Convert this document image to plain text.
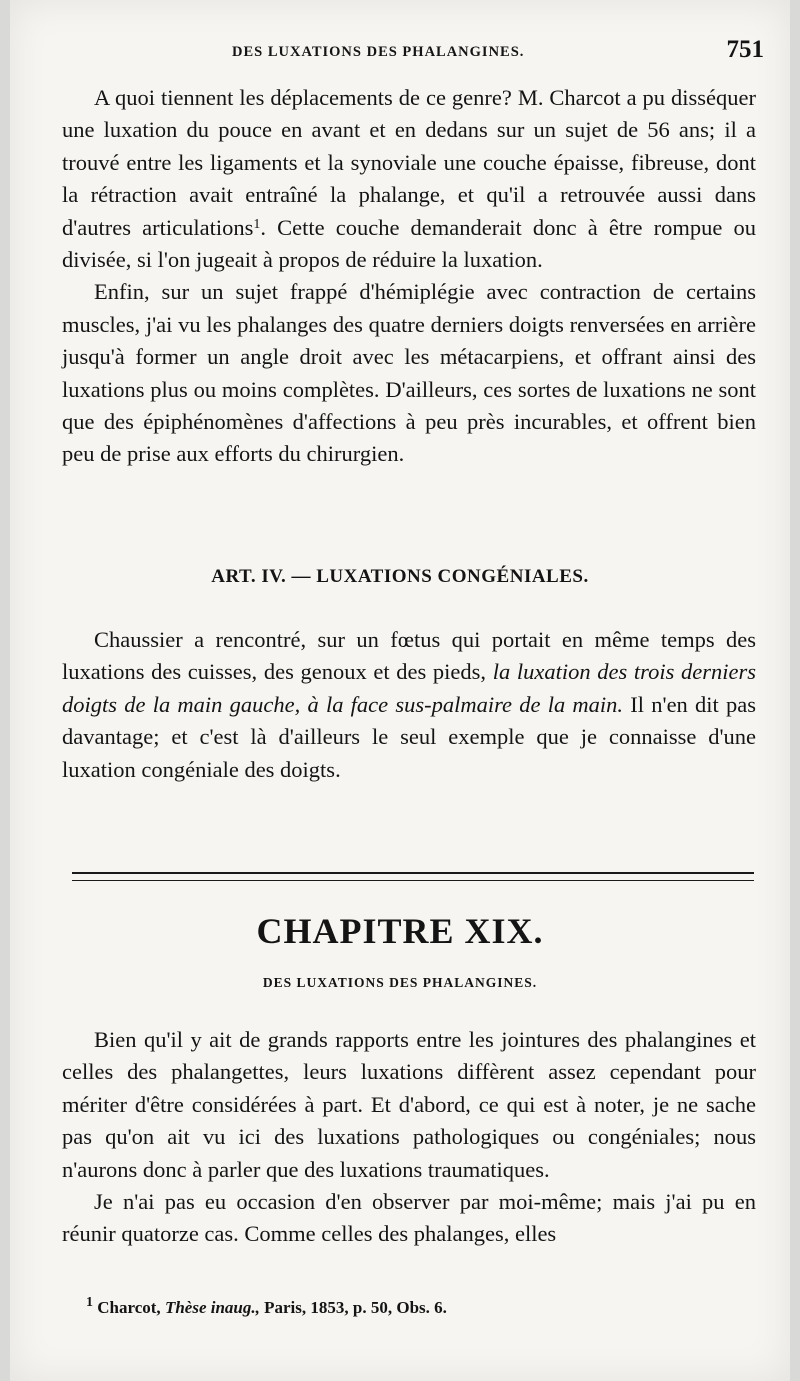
DES LUXATIONS DES PHALANGINES.	751

A quoi tiennent les déplacements de ce genre? M. Charcot a pu disséquer une luxation du pouce en avant et en dedans sur un sujet de 56 ans; il a trouvé entre les ligaments et la synoviale une couche épaisse, fibreuse, dont la rétraction avait entraîné la phalange, et qu'il a retrouvée aussi dans d'autres articulations$^1$. Cette couche demanderait donc à être rompue ou divisée, si l'on jugeait à propos de réduire la luxation.

Enfin, sur un sujet frappé d'hémiplégie avec contraction de certains muscles, j'ai vu les phalanges des quatre derniers doigts renversées en arrière jusqu'à former un angle droit avec les métacarpiens, et offrant ainsi des luxations plus ou moins complètes. D'ailleurs, ces sortes de luxations ne sont que des épiphénomènes d'affections à peu près incurables, et offrent bien peu de prise aux efforts du chirurgien.

ART. IV. — LUXATIONS CONGÉNIALES.

Chaussier a rencontré, sur un fœtus qui portait en même temps des luxations des cuisses, des genoux et des pieds, la luxation des trois derniers doigts de la main gauche, à la face sus-palmaire de la main. Il n'en dit pas davantage; et c'est là d'ailleurs le seul exemple que je connaisse d'une luxation congéniale des doigts.

CHAPITRE XIX.
DES LUXATIONS DES PHALANGINES.

Bien qu'il y ait de grands rapports entre les jointures des phalangines et celles des phalangettes, leurs luxations diffèrent assez cependant pour mériter d'être considérées à part. Et d'abord, ce qui est à noter, je ne sache pas qu'on ait vu ici des luxations pathologiques ou congéniales; nous n'aurons donc à parler que des luxations traumatiques.

Je n'ai pas eu occasion d'en observer par moi-même; mais j'ai pu en réunir quatorze cas. Comme celles des phalanges, elles

$^1$ Charcot, Thèse inaug., Paris, 1853, p. 50, Obs. 6.
